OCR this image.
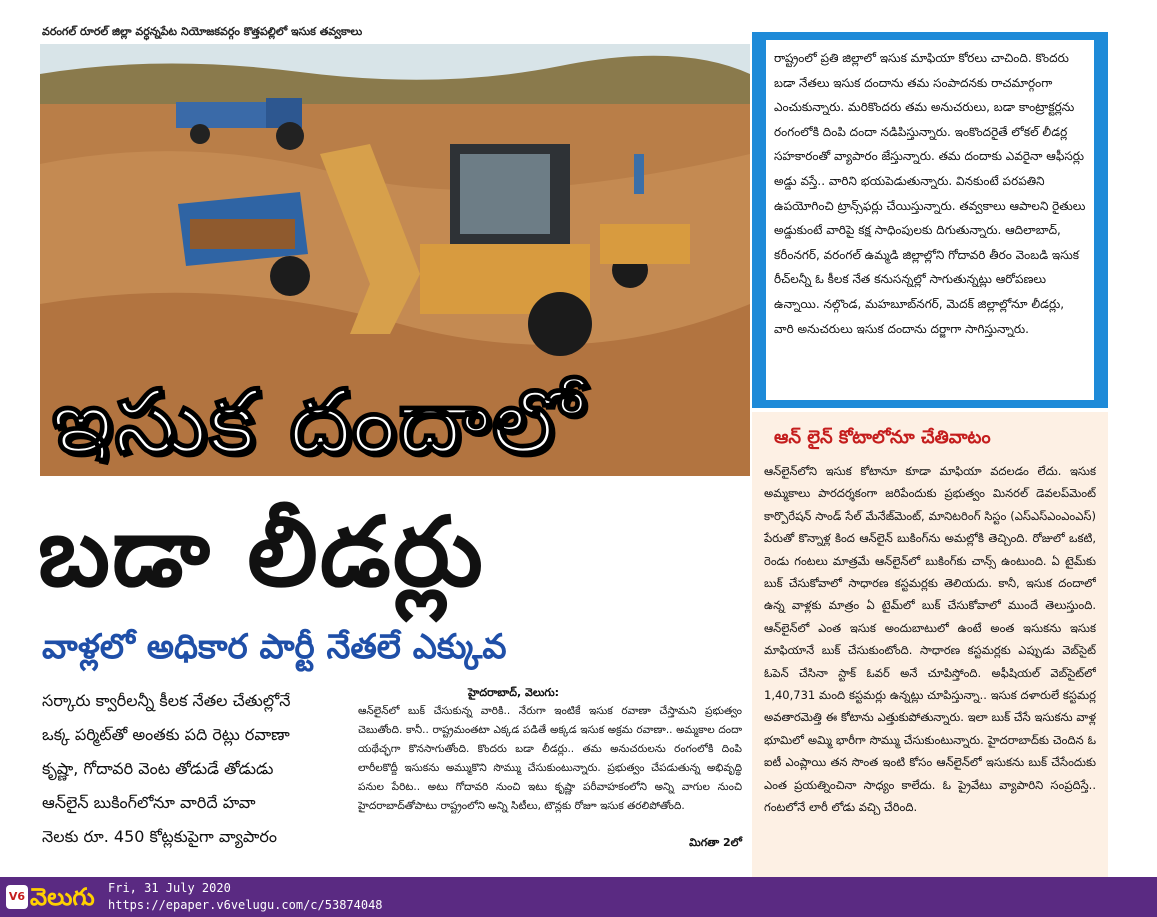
వరంగల్ రూరల్ జిల్లా వర్ధన్నపేట నియోజకవర్గం కొత్తపల్లిలో ఇసుక తవ్వకాలు
ఇసుక దందాలో
బడా లీడర్లు
వాళ్లలో అధికార పార్టీ నేతలే ఎక్కువ
సర్కారు క్వారీలన్నీ కీలక నేతల చేతుల్లోనే
ఒక్క పర్మిట్‌తో అంతకు పది రెట్లు రవాణా
కృష్ణా, గోదావరి వెంట తోడుడే తోడుడు
ఆన్‌లైన్ బుకింగ్‌లోనూ వారిదే హవా
నెలకు రూ. 450 కోట్లకుపైగా వ్యాపారం
హైదరాబాద్, వెలుగు:
ఆన్‌లైన్‌లో బుక్ చేసుకున్న వారికి.. నేరుగా ఇంటికే ఇసుక రవాణా చేస్తామని ప్రభుత్వం చెబుతోంది. కానీ.. రాష్ట్రమంతటా ఎక్కడ పడితే అక్కడ ఇసుక అక్రమ రవాణా.. అమ్మకాల దందా యథేచ్ఛగా కొనసాగుతోంది. కొందరు బడా లీడర్లు.. తమ అనుచరులను రంగంలోకి దింపి లారీలకొద్దీ ఇసుకను అమ్ముకొని సొమ్ము చేసుకుంటున్నారు. ప్రభుత్వం చేపడుతున్న అభివృద్ధి పనుల పేరిట.. అటు గోదావరి నుంచి ఇటు కృష్ణా పరీవాహకంలోని అన్ని వాగుల నుంచి హైదరాబాద్‌తోపాటు రాష్ట్రంలోని అన్ని సిటీలు, టౌన్లకు రోజూ ఇసుక తరలిపోతోంది.
మిగతా 2లో
రాష్ట్రంలో ప్రతి జిల్లాలో ఇసుక మాఫియా కోరలు చాచింది. కొందరు బడా నేతలు ఇసుక దందాను తమ సంపాదనకు రాచమార్గంగా ఎంచుకున్నారు. మరికొందరు తమ అనుచరులు, బడా కాంట్రాక్టర్లను రంగంలోకి దింపి దందా నడిపిస్తున్నారు. ఇంకొందరైతే లోకల్ లీడర్ల సహకారంతో వ్యాపారం జేస్తున్నారు. తమ దందాకు ఎవరైనా ఆఫీసర్లు అడ్డు వస్తే.. వారిని భయపెడుతున్నారు. వినకుంటే పరపతిని ఉపయోగించి ట్రాన్స్‌ఫర్లు చేయిస్తున్నారు. తవ్వకాలు ఆపాలని రైతులు అడ్డుకుంటే వారిపై కక్ష సాధింపులకు దిగుతున్నారు. ఆదిలాబాద్, కరీంనగర్, వరంగల్ ఉమ్మడి జిల్లాల్లోని గోదావరి తీరం వెంబడి ఇసుక రీచ్‌లన్నీ ఓ కీలక నేత కనుసన్నల్లో సాగుతున్నట్లు ఆరోపణలు ఉన్నాయి. నల్గొండ, మహబూబ్‌నగర్, మెదక్ జిల్లాల్లోనూ లీడర్లు, వారి అనుచరులు ఇసుక దందాను దర్జాగా సాగిస్తున్నారు.
ఆన్ లైన్ కోటాలోనూ చేతివాటం
ఆన్‌లైన్‌లోని ఇసుక కోటానూ కూడా మాఫియా వదలడం లేదు. ఇసుక అమ్మకాలు పారదర్శకంగా జరిపేందుకు ప్రభుత్వం మినరల్ డెవలప్‌మెంట్ కార్పొరేషన్ సాండ్ సేల్ మేనేజ్‌మెంట్, మానిటరింగ్ సిస్టం (ఎస్ఎస్ఎంఎంఎస్) పేరుతో కొన్నాళ్ల కింద ఆన్‌లైన్ బుకింగ్‌ను అమల్లోకి తెచ్చింది. రోజులో ఒకటి, రెండు గంటలు మాత్రమే ఆన్‌లైన్‌లో బుకింగ్‌కు చాన్స్ ఉంటుంది. ఏ టైమ్‌కు బుక్ చేసుకోవాలో సాధారణ కస్టమర్లకు తెలియదు. కానీ, ఇసుక దందాలో ఉన్న వాళ్లకు మాత్రం ఏ టైమ్‌లో బుక్ చేసుకోవాలో ముందే తెలుస్తుంది. ఆన్‌లైన్‌లో ఎంత ఇసుక అందుబాటులో ఉంటే అంత ఇసుకను ఇసుక మాఫియానే బుక్ చేసుకుంటోంది. సాధారణ కస్టమర్లకు ఎప్పుడు వెబ్‌సైట్ ఓపెన్ చేసినా స్టాక్ ఓవర్ అనే చూపిస్తోంది. అఫీషియల్ వెబ్‌సైట్‌లో 1,40,731 మంది కస్టమర్లు ఉన్నట్లు చూపిస్తున్నా.. ఇసుక దళారులే కస్టమర్ల అవతారమెత్తి ఈ కోటాను ఎత్తుకుపోతున్నారు. ఇలా బుక్ చేసే ఇసుకను వాళ్ల భూమిలో అమ్మి భారీగా సొమ్ము చేసుకుంటున్నారు. హైదరాబాద్‌కు చెందిన ఓ ఐటీ ఎంప్లాయి తన సొంత ఇంటి కోసం ఆన్‌లైన్‌లో ఇసుకను బుక్ చేసేందుకు ఎంత ప్రయత్నించినా సాధ్యం కాలేదు. ఓ ప్రైవేటు వ్యాపారిని సంప్రదిస్తే.. గంటలోనే లారీ లోడు వచ్చి చేరింది.
V6 వెలుగు Fri, 31 July 2020
https://epaper.v6velugu.com/c/53874048
